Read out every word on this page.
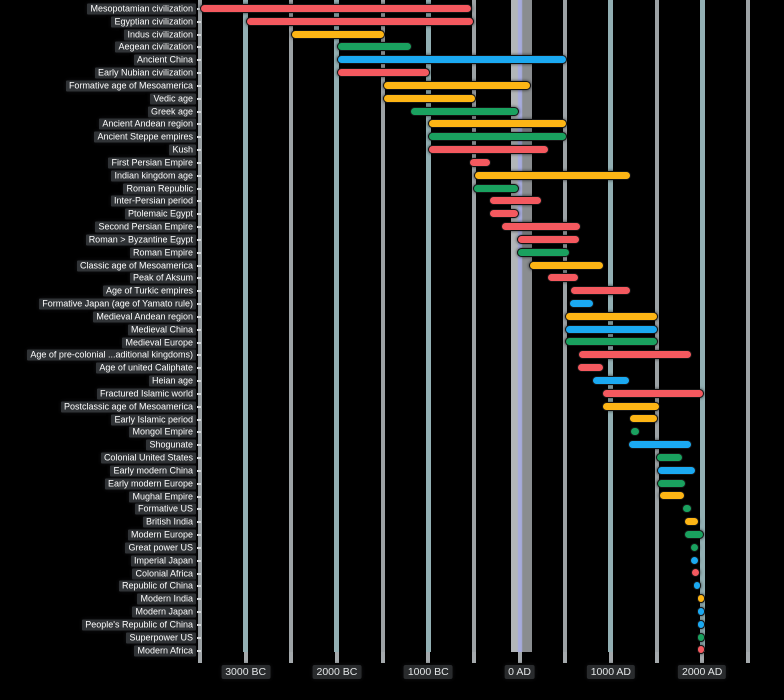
3000 BC	2000 BC	1000 BC	0 AD	1000 AD	2000 AD
Mesopotamian civilization
Egyptian civilization
Indus civilization
Aegean civilization
Ancient China
Early Nubian civilization
Formative age of Mesoamerica
Vedic age
Greek age
Ancient Andean region
Ancient Steppe empires
Kush
First Persian Empire
Indian kingdom age
Roman Republic
Inter-Persian period
Ptolemaic Egypt
Second Persian Empire
Roman > Byzantine Egypt
Roman Empire
Classic age of Mesoamerica
Peak of Aksum
Age of Turkic empires
Formative Japan (age of Yamato rule)
Medieval Andean region
Medieval China
Medieval Europe
Age of pre-colonial ...aditional kingdoms)
Age of united Caliphate
Heian age
Fractured Islamic world
Postclassic age of Mesoamerica
Early Islamic period
Mongol Empire
Shogunate
Colonial United States
Early modern China
Early modern Europe
Mughal Empire
Formative US
British India
Modern Europe
Great power US
Imperial Japan
Colonial Africa
Republic of China
Modern India
Modern Japan
People's Republic of China
Superpower US
Modern Africa
